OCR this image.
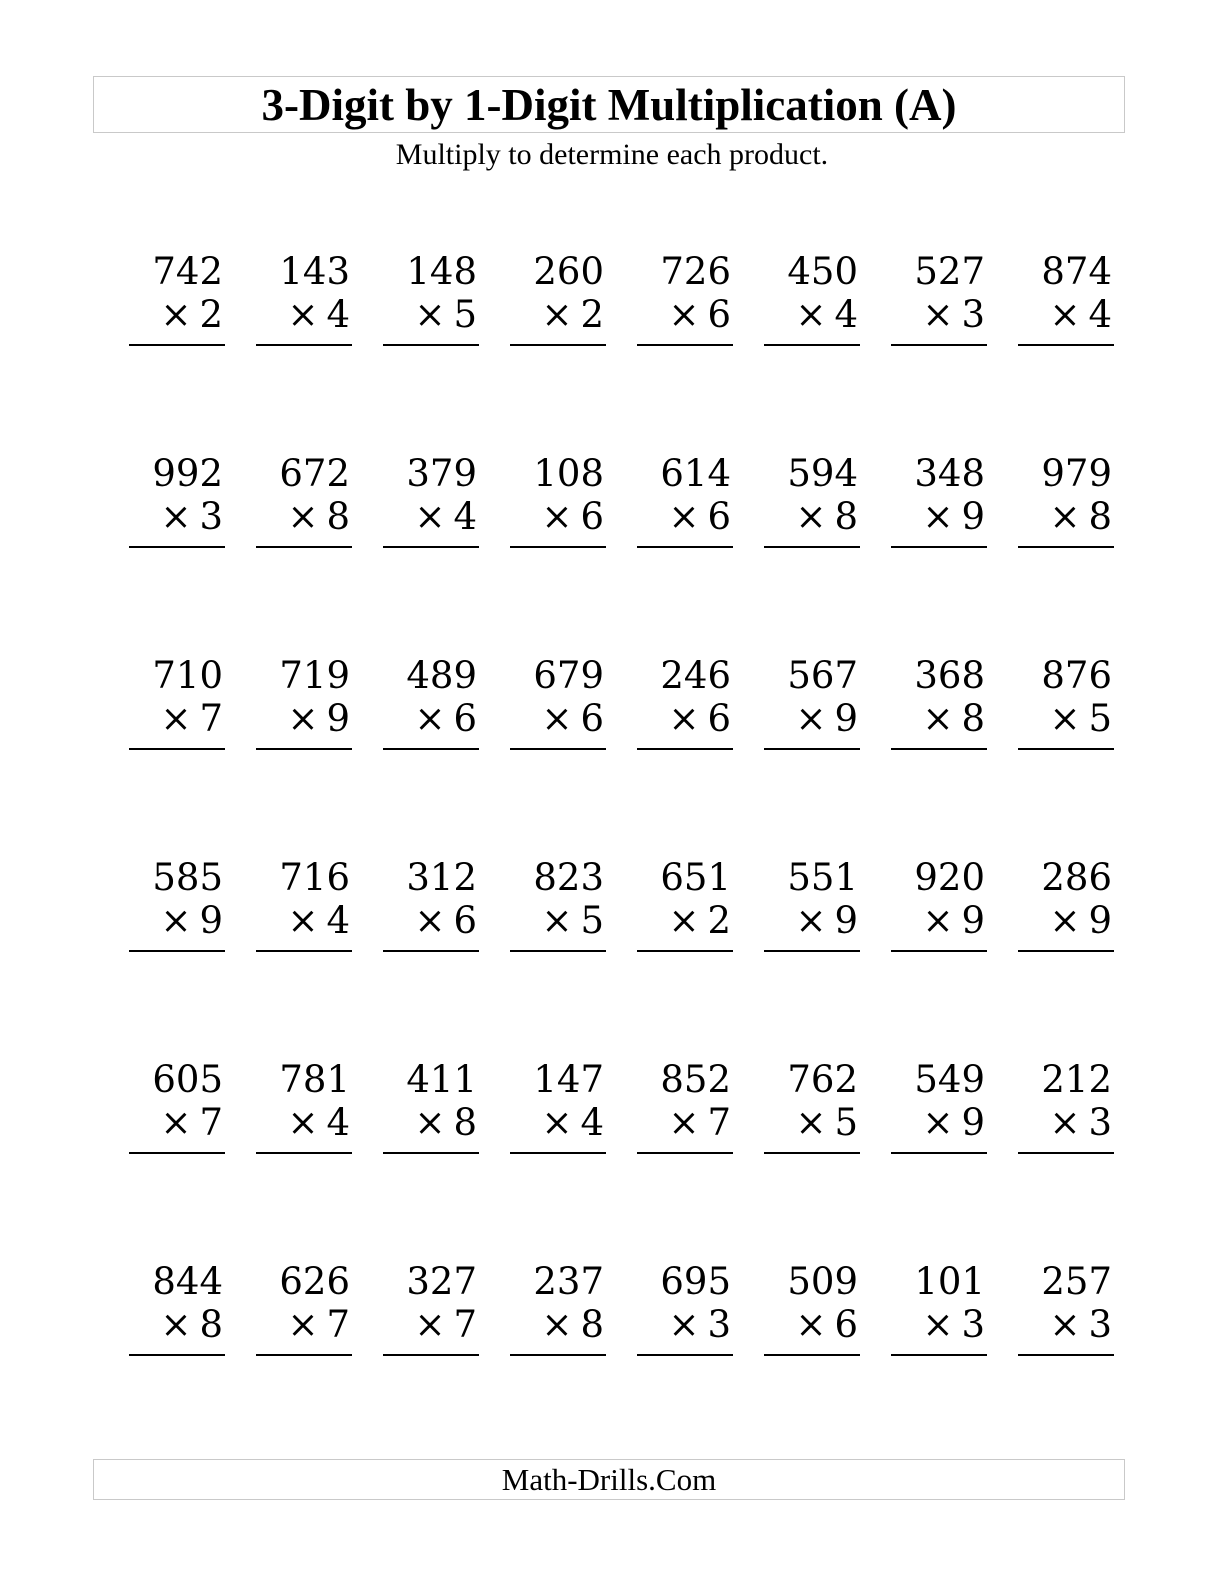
3-Digit by 1-Digit Multiplication (A)
Multiply to determine each product.
742
× 2
143
× 4
148
× 5
260
× 2
726
× 6
450
× 4
527
× 3
874
× 4
992
× 3
672
× 8
379
× 4
108
× 6
614
× 6
594
× 8
348
× 9
979
× 8
710
× 7
719
× 9
489
× 6
679
× 6
246
× 6
567
× 9
368
× 8
876
× 5
585
× 9
716
× 4
312
× 6
823
× 5
651
× 2
551
× 9
920
× 9
286
× 9
605
× 7
781
× 4
411
× 8
147
× 4
852
× 7
762
× 5
549
× 9
212
× 3
844
× 8
626
× 7
327
× 7
237
× 8
695
× 3
509
× 6
101
× 3
257
× 3
Math-Drills.Com
